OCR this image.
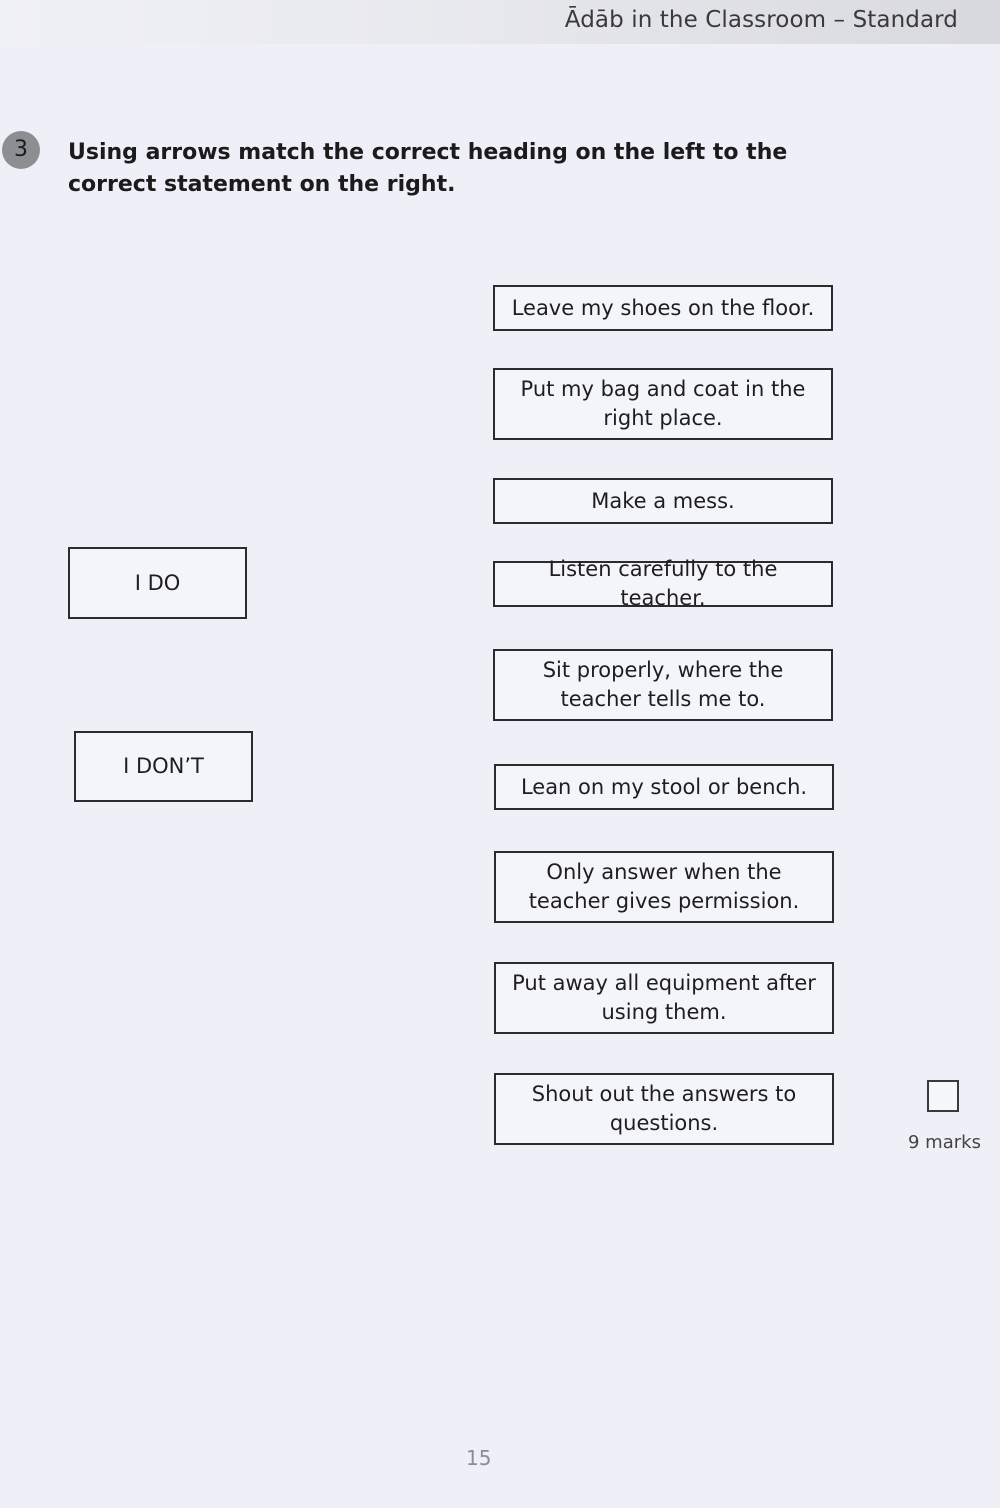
Ādāb in the Classroom – Standard
3	Using arrows match the correct heading on the left to the correct statement on the right.
I DO
I DON’T
Leave my shoes on the floor.
Put my bag and coat in the right place.
Make a mess.
Listen carefully to the teacher.
Sit properly, where the teacher tells me to.
Lean on my stool or bench.
Only answer when the teacher gives permission.
Put away all equipment after using them.
Shout out the answers to questions.
9 marks
15
